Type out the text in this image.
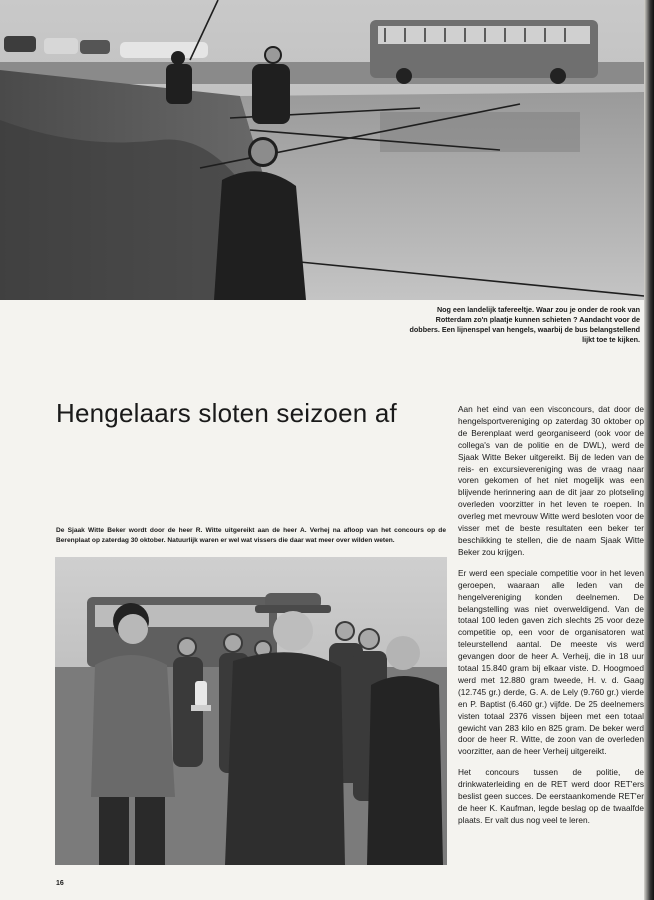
Nog een landelijk tafereeltje. Waar zou je onder de rook van Rotterdam zo'n plaatje kunnen schieten ? Aandacht voor de dobbers. Een lijnenspel van hengels, waarbij de bus belangstellend lijkt toe te kijken.
Hengelaars sloten seizoen af
De Sjaak Witte Beker wordt door de heer R. Witte uitgereikt aan de heer A. Verhej na afloop van het concours op de Berenplaat op zaterdag 30 oktober. Natuurlijk waren er wel wat vissers die daar wat meer over wilden weten.

Aan het eind van een visconcours, dat door de hengelsportvereniging op zaterdag 30 oktober op de Berenplaat werd georganiseerd (ook voor de collega's van de politie en de DWL), werd de Sjaak Witte Beker uitgereikt. Bij de leden van de reis- en excursievereniging was de vraag naar voren gekomen of het niet mogelijk was een blijvende herinnering aan de dit jaar zo plotseling overleden voorzitter in het leven te roepen. In overleg met mevrouw Witte werd besloten voor de visser met de beste resultaten een beker ter beschikking te stellen, die de naam Sjaak Witte Beker zou krijgen.

Er werd een speciale competitie voor in het leven geroepen, waaraan alle leden van de hengelvereniging konden deelnemen. De belangstelling was niet overweldigend. Van de totaal 100 leden gaven zich slechts 25 voor deze competitie op, een voor de organisatoren wat teleurstellend aantal. De meeste vis werd gevangen door de heer A. Verheij, die in 18 uur totaal 15.840 gram bij elkaar viste. D. Hoogmoed werd met 12.880 gram tweede, H. v. d. Gaag (12.745 gr.) derde, G. A. de Lely (9.760 gr.) vierde en P. Baptist (6.460 gr.) vijfde. De 25 deelnemers visten totaal 2376 vissen bijeen met een totaal gewicht van 283 kilo en 825 gram. De beker werd door de heer R. Witte, de zoon van de overleden voorzitter, aan de heer Verheij uitgereikt.

Het concours tussen de politie, de drinkwaterleiding en de RET werd door RET'ers beslist geen succes. De eerstaankomende RET'er de heer K. Kaufman, legde beslag op de twaalfde plaats. Er valt dus nog veel te leren.

16
